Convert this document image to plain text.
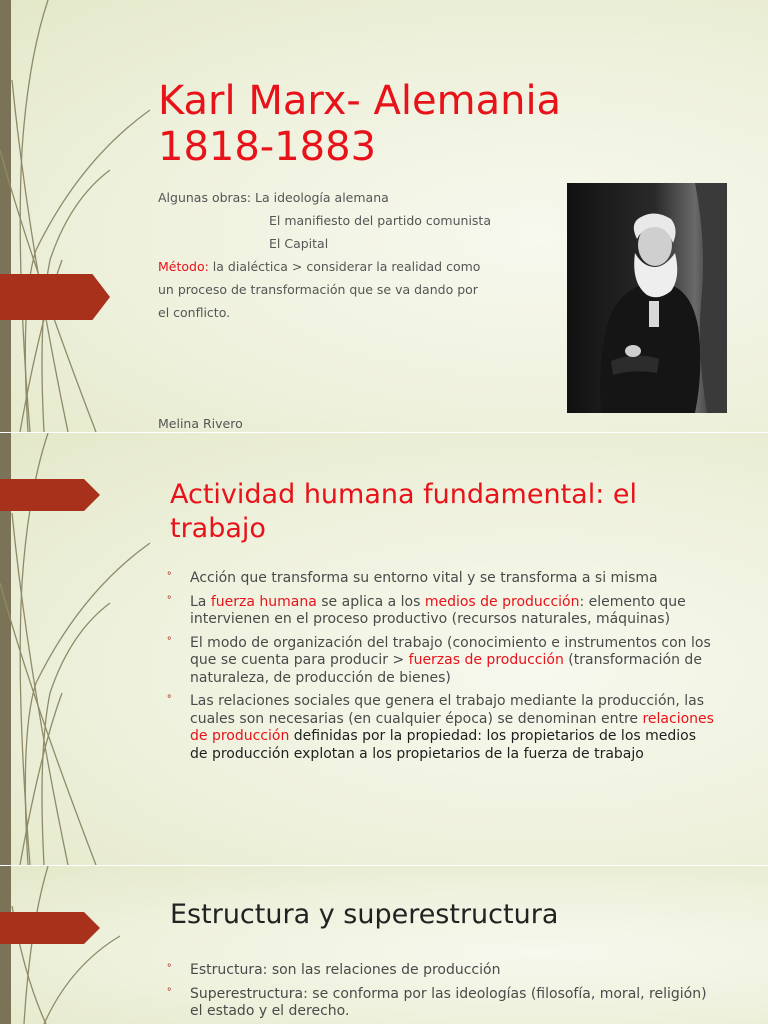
Karl Marx- Alemania
1818-1883
Algunas obras: La ideología alemana
El manifiesto del partido comunista
El Capital
Método: la dialéctica > considerar la realidad como
un proceso de transformación que se va dando por
el conflicto.
Melina Rivero
Actividad humana fundamental: el trabajo
ᐤ Acción que transforma su entorno vital y se transforma a si misma
ᐤ La fuerza humana se aplica a los medios de producción: elemento que intervienen en el proceso productivo (recursos naturales, máquinas)
ᐤ El modo de organización del trabajo (conocimiento e instrumentos con los que se cuenta para producir > fuerzas de producción (transformación de naturaleza, de producción de bienes)
ᐤ Las relaciones sociales que genera el trabajo mediante la producción, las cuales son necesarias (en cualquier época) se denominan entre relaciones de producción definidas por la propiedad: los propietarios de los medios de producción explotan a los propietarios de la fuerza de trabajo
Estructura y superestructura
ᐤ Estructura: son las relaciones de producción
ᐤ Superestructura: se conforma por las ideologías (filosofía, moral, religión) el estado y el derecho.
